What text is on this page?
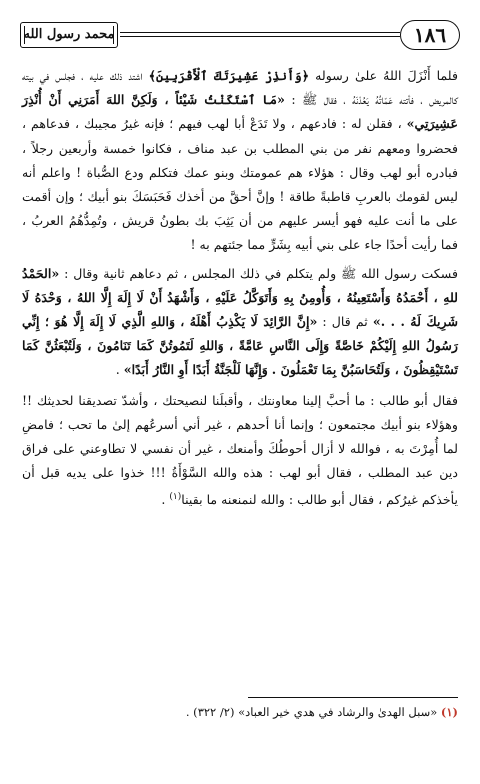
١٨٦
محمد رسول الله

فلما أَنْزَلَ اللهُ علىٰ رسوله ﴿وَأَنذِرْ عَشِيرَتَكَ ٱلْأَقْرَبِينَ﴾ اشتد ذلك عليه ، فجلس في بيته كالمريض ، فأتته عَمّاتُهُ يَعُدْنَهُ ، فقال ﷺ : «مَا ٱسْتَكَنْتُ شَيْئاً ، وَلَكِنَّ اللهَ أَمَرَنِي أَنْ أُنْذِرَ عَشِيرَتِي» ، فقلن له : فادعهم ، ولا تَدَعْ أبا لهب فيهم ؛ فإنه غيرُ مجيبك ، فدعاهم ، فحضروا ومعهم نفر من بني المطلب بن عبد مناف ، فكانوا خمسة وأربعين رجلاً ، فبادره أبو لهب وقال : هؤلاء هم عمومتك وبنو عمك فتكلم ودع الصُّباة ! واعلم أنه ليس لقومك بالعربِ قاطبةً طاقة ! وإنَّ أحقَّ من أخذك فَحَبَسَكَ بنو أبيك ؛ وإن أقمت على ما أنت عليه فهو أيسر عليهم من أن يَثِبَ بك بطونُ قريش ، وتُمِدُّهُمُ العربُ ، فما رأيت أحدًا جاء على بني أبيه بِشَرٍّ مما جئتهم به !

فسكت رسول الله ﷺ ولم يتكلم في ذلك المجلس ، ثم دعاهم ثانية وقال : «الحَمْدُ للهِ ، أَحْمَدُهُ وَأَسْتَعِينُهُ ، وَأُومِنُ بِهِ وَأَتَوَكَّلُ عَلَيْهِ ، وَأَشْهَدُ أَنْ لَا إِلَهَ إِلَّا اللهُ ، وَحْدَهُ لَا شَرِيكَ لَهُ . . .» ثم قال : «إِنَّ الرَّائِدَ لَا يَكْذِبُ أَهْلَهُ ، وَاللهِ الَّذِي لَا إِلَهَ إِلَّا هُوَ ؛ إِنِّي رَسُولُ اللهِ إِلَيْكُمْ خَاصَّةً وَإِلَى النَّاسِ عَامَّةً ، وَاللهِ لَتَمُوتُنَّ كَمَا تَنَامُونَ ، وَلَتُبْعَثُنَّ كَمَا تَسْتَيْقِظُونَ ، وَلَتُحَاسَبُنَّ بِمَا تَعْمَلُونَ . وَإِنَّهَا لَلْجَنَّةُ أَبَدًا أَوِ النَّارُ أَبَدًا» .

فقال أبو طالب : ما أحبَّ إلينا معاونتك ، وأقبلَنا لنصيحتك ، وأشدّ تصديقنا لحديثك !! وهؤلاء بنو أبيك مجتمعون ؛ وإنما أنا أحدهم ، غير أني أسرعُهم إلىٰ ما تحب ؛ فامضِ لما أُمِرْتَ به ، فوالله لا أزال أحوطُكَ وأمنعك ، غير أن نفسي لا تطاوعني على فراق دين عبد المطلب ، فقال أبو لهب : هذه والله السَّوْأَةُ !!! خذوا على يديه قبل أن يأخذكم غيرُكم ، فقال أبو طالب : والله لنمنعنه ما بقينا$^{(١)}$ .

(١) «سبل الهدىٰ والرشاد في هدي خير العباد» (٢/ ٣٢٢) .
